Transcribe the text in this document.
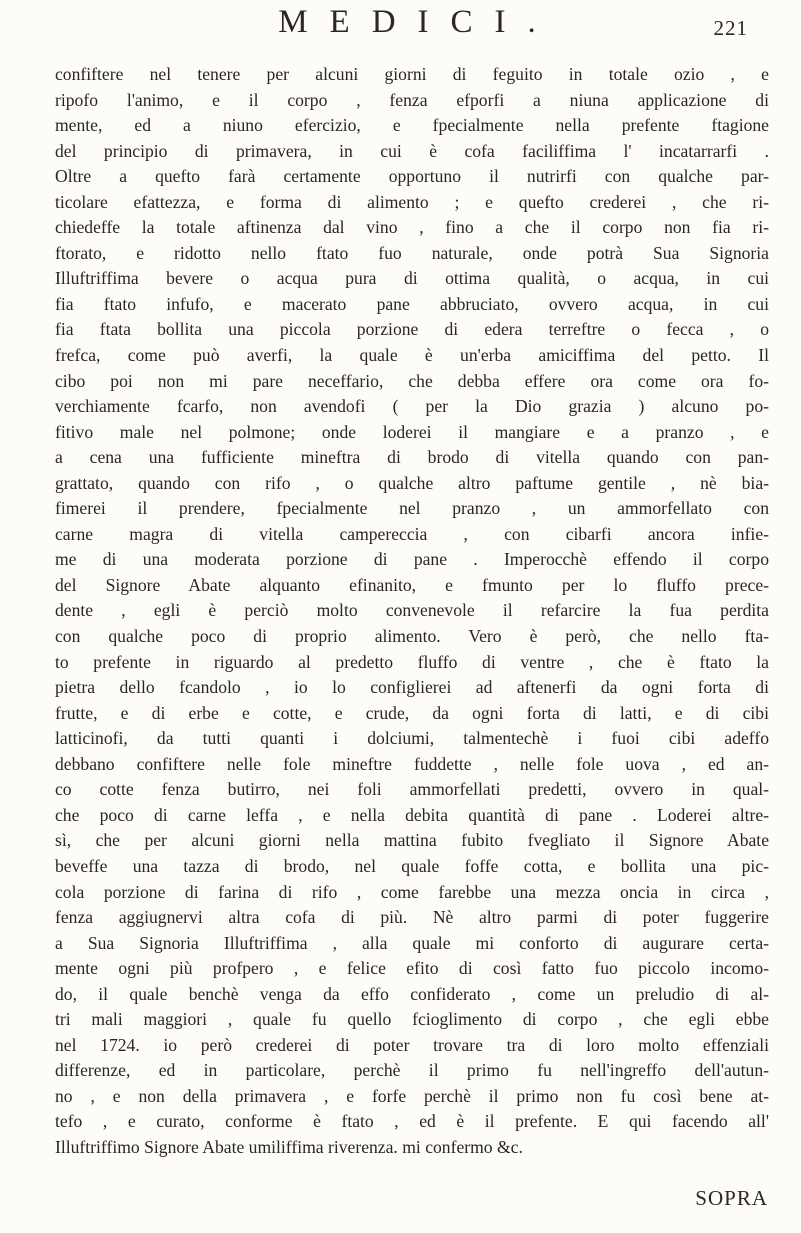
MEDICI.	221
confiftere nel tenere per alcuni giorni di feguito in totale ozio , e
ripofo l'animo, e il corpo , fenza efporfi a niuna applicazione di
mente, ed a niuno efercizio, e fpecialmente nella prefente ftagione
del principio di primavera, in cui è cofa faciliffima l' incatarrarfi .
Oltre a quefto farà certamente opportuno il nutrirfi con qualche par-
ticolare efattezza, e forma di alimento ; e quefto crederei , che ri-
chiedeffe la totale aftinenza dal vino , fino a che il corpo non fia ri-
ftorato, e ridotto nello ftato fuo naturale, onde potrà Sua Signoria
Illuftriffima bevere o acqua pura di ottima qualità, o acqua, in cui
fia ftato infufo, e macerato pane abbruciato, ovvero acqua, in cui
fia ftata bollita una piccola porzione di edera terreftre o fecca , o
frefca, come può averfi, la quale è un'erba amiciffima del petto. Il
cibo poi non mi pare neceffario, che debba effere ora come ora fo-
verchiamente fcarfo, non avendofi ( per la Dio grazia ) alcuno po-
fitivo male nel polmone; onde loderei il mangiare e a pranzo , e
a cena una fufficiente mineftra di brodo di vitella quando con pan-
grattato, quando con rifo , o qualche altro paftume gentile , nè bia-
fimerei il prendere, fpecialmente nel pranzo , un ammorfellato con
carne magra di vitella campereccia , con cibarfi ancora infie-
me di una moderata porzione di pane . Imperocchè effendo il corpo
del Signore Abate alquanto efinanito, e fmunto per lo fluffo prece-
dente , egli è perciò molto convenevole il refarcire la fua perdita
con qualche poco di proprio alimento. Vero è però, che nello fta-
to prefente in riguardo al predetto fluffo di ventre , che è ftato la
pietra dello fcandolo , io lo configlierei ad aftenerfi da ogni forta di
frutte, e di erbe e cotte, e crude, da ogni forta di latti, e di cibi
latticinofi, da tutti quanti i dolciumi, talmentechè i fuoi cibi adeffo
debbano confiftere nelle fole mineftre fuddette , nelle fole uova , ed an-
co cotte fenza butirro, nei foli ammorfellati predetti, ovvero in qual-
che poco di carne leffa , e nella debita quantità di pane . Loderei altre-
sì, che per alcuni giorni nella mattina fubito fvegliato il Signore Abate
beveffe una tazza di brodo, nel quale foffe cotta, e bollita una pic-
cola porzione di farina di rifo , come farebbe una mezza oncia in circa ,
fenza aggiugnervi altra cofa di più. Nè altro parmi di poter fuggerire
a Sua Signoria Illuftriffima , alla quale mi conforto di augurare certa-
mente ogni più profpero , e felice efito di così fatto fuo piccolo incomo-
do, il quale benchè venga da effo confiderato , come un preludio di al-
tri mali maggiori , quale fu quello fcioglimento di corpo , che egli ebbe
nel 1724. io però crederei di poter trovare tra di loro molto effenziali
differenze, ed in particolare, perchè il primo fu nell'ingreffo dell'autun-
no , e non della primavera , e forfe perchè il primo non fu così bene at-
tefo , e curato, conforme è ftato , ed è il prefente. E qui facendo all'
Illuftriffimo Signore Abate umiliffima riverenza. mi confermo &c.
SOPRA
